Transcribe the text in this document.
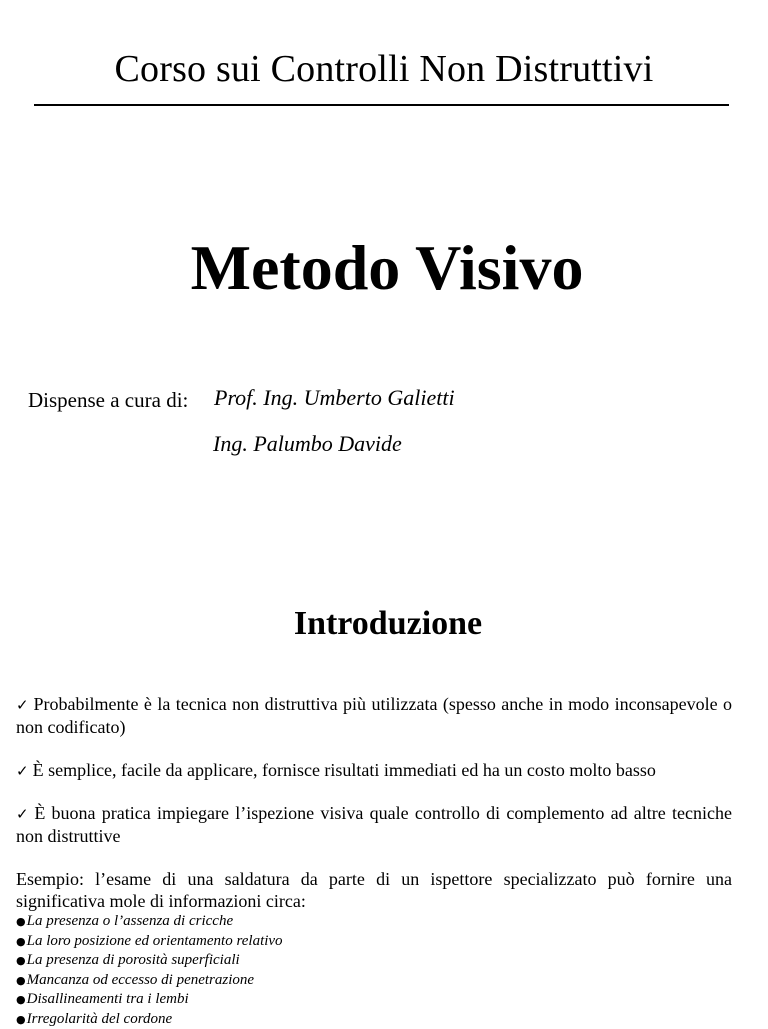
Corso sui Controlli Non Distruttivi
Metodo Visivo
Dispense a cura di: Prof. Ing. Umberto Galietti
Ing. Palumbo Davide
Introduzione
✓ Probabilmente è la tecnica non distruttiva più utilizzata (spesso anche in modo inconsapevole o non codificato)
✓ È semplice, facile da applicare, fornisce risultati immediati ed ha un costo molto basso
✓ È buona pratica impiegare l’ispezione visiva quale controllo di complemento ad altre tecniche non distruttive
Esempio: l’esame di una saldatura da parte di un ispettore specializzato può fornire una significativa mole di informazioni circa:
●La presenza o l’assenza di cricche
●La loro posizione ed orientamento relativo
●La presenza di porosità superficiali
●Mancanza od eccesso di penetrazione
●Disallineamenti tra i lembi
●Irregolarità del cordone
